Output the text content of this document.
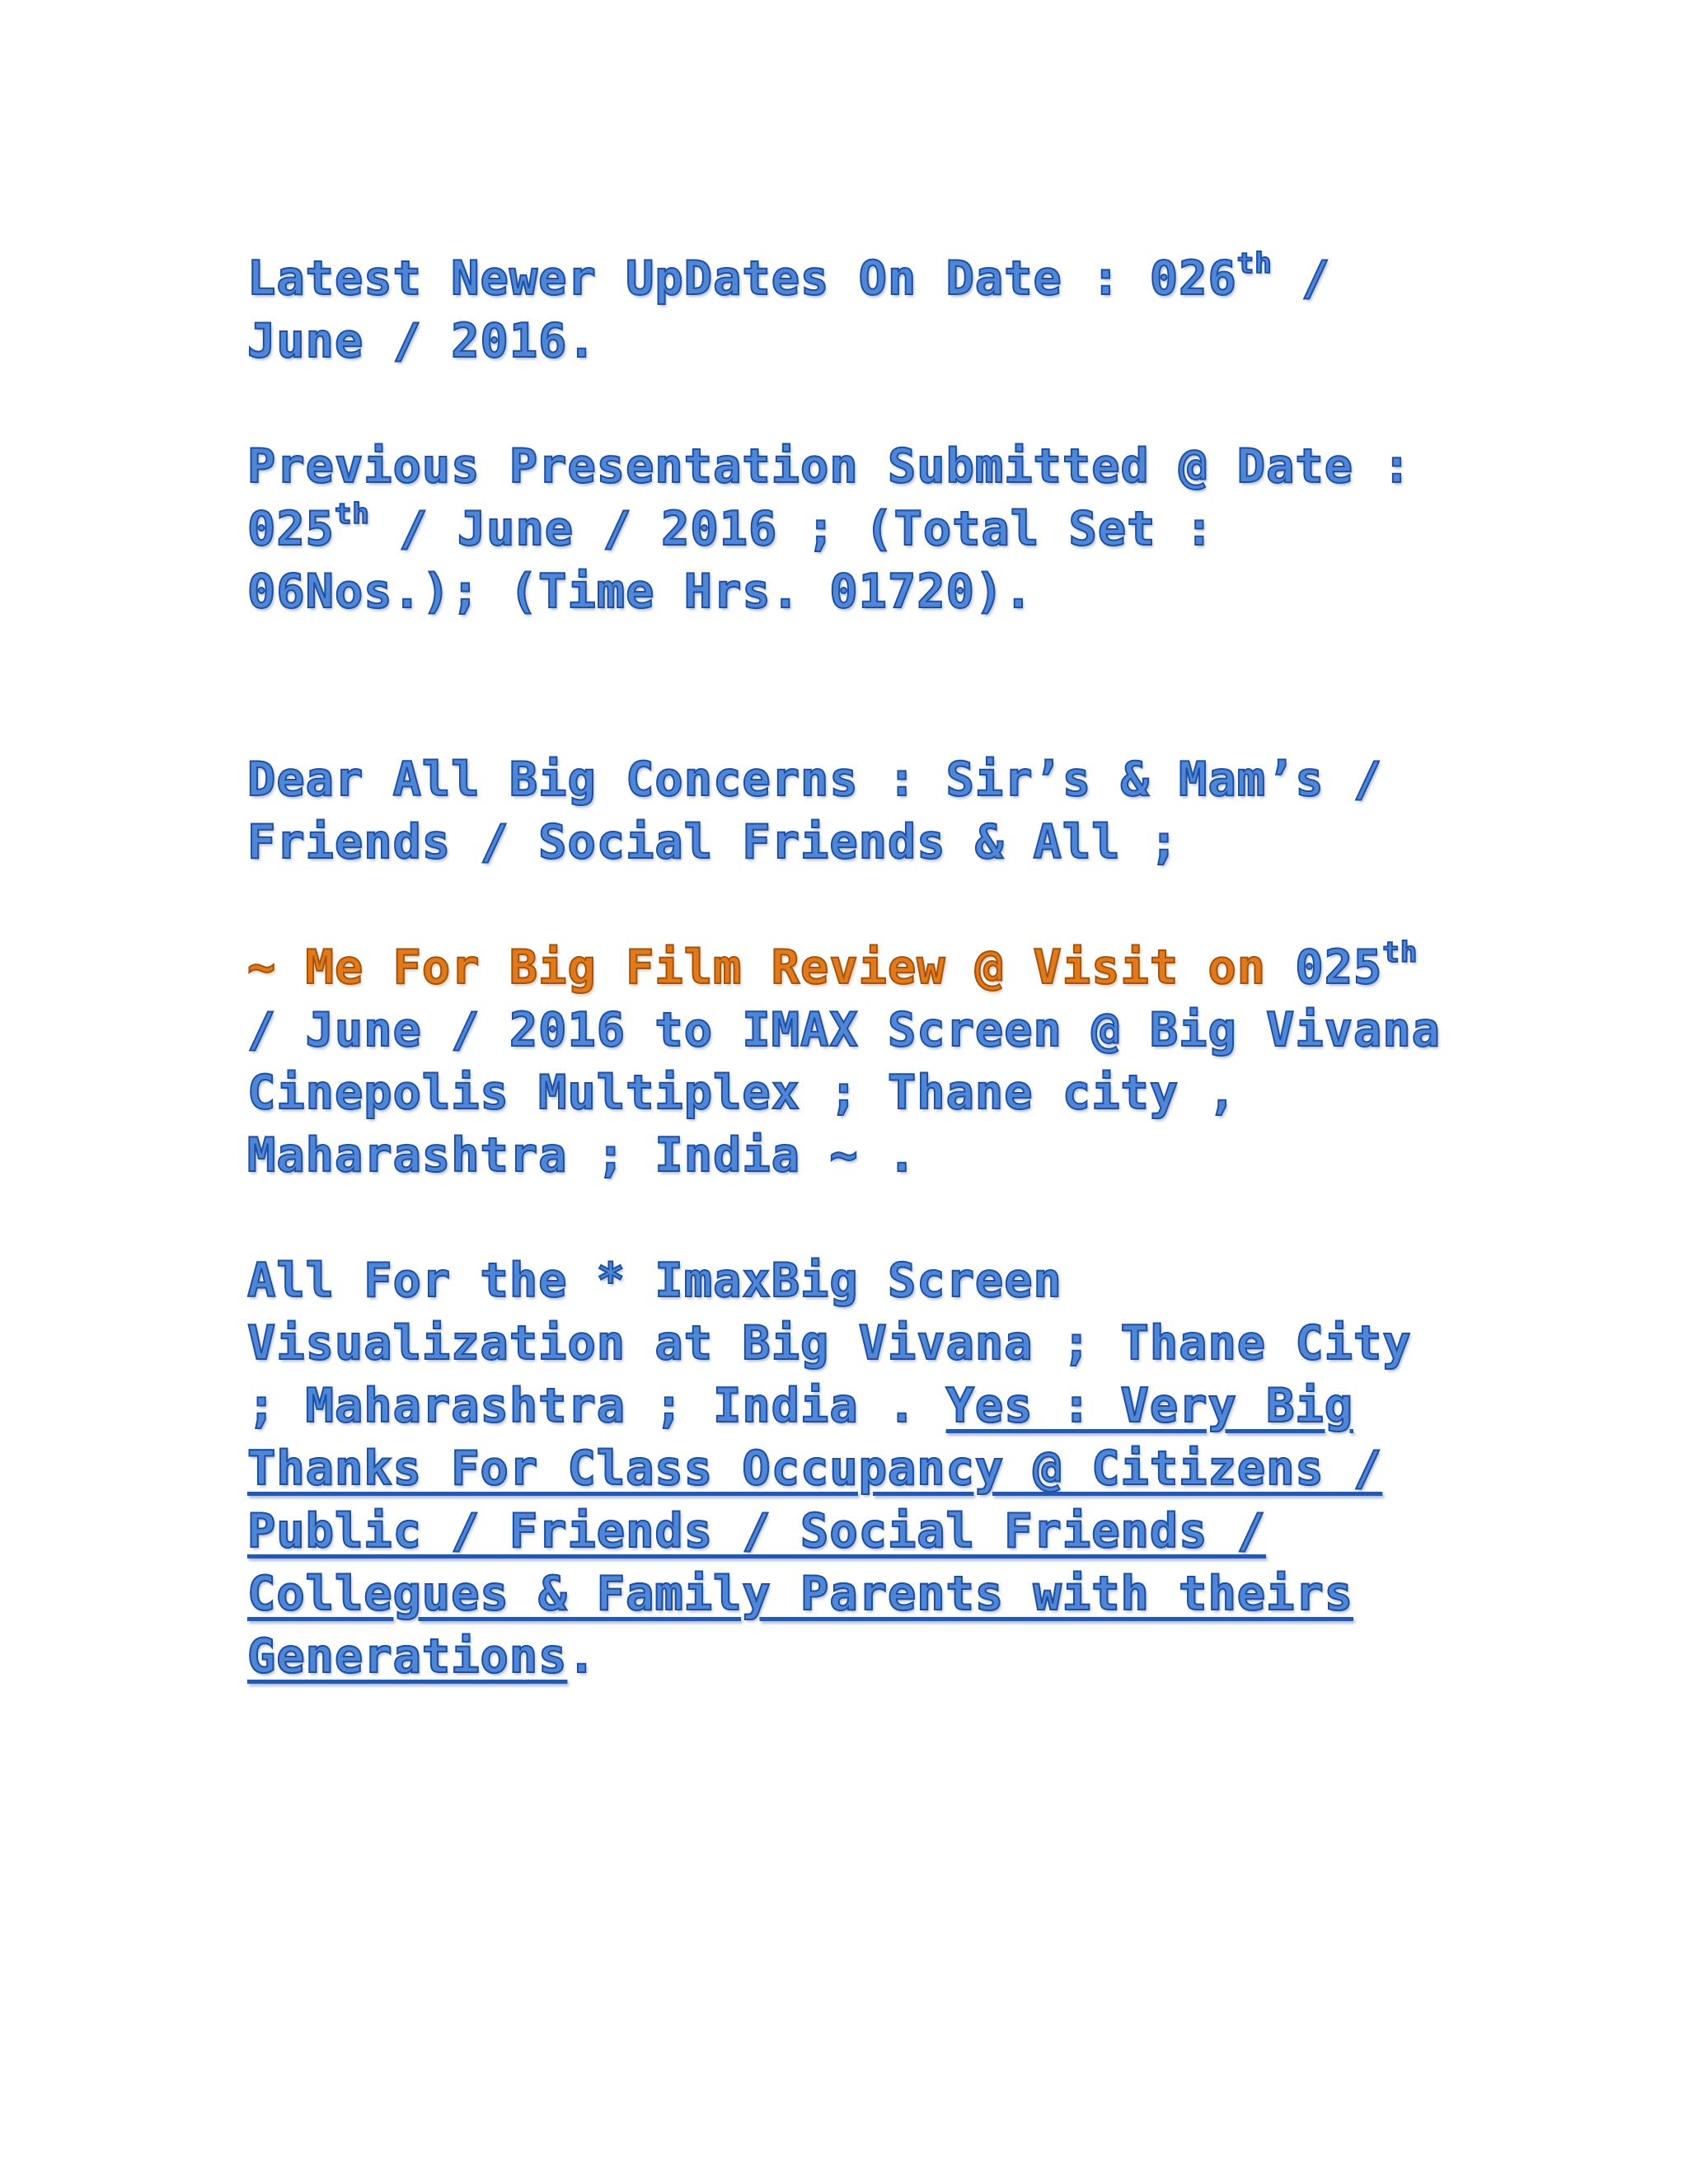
Latest Newer UpDates On Date : 026th / June / 2016.

Previous Presentation Submitted @ Date : 025th / June / 2016 ; (Total Set : 06Nos.); (Time Hrs. 01720).

Dear All Big Concerns : Sir’s & Mam’s / Friends / Social Friends & All ;

~ Me For Big Film Review @ Visit on 025th / June / 2016 to IMAX Screen @ Big Vivana Cinepolis Multiplex ; Thane city , Maharashtra ; India ~ .

All For the * ImaxBig Screen Visualization at Big Vivana ; Thane City ; Maharashtra ; India . Yes : Very Big Thanks For Class Occupancy @ Citizens / Public / Friends / Social Friends / Collegues & Family Parents with theirs Generations.
